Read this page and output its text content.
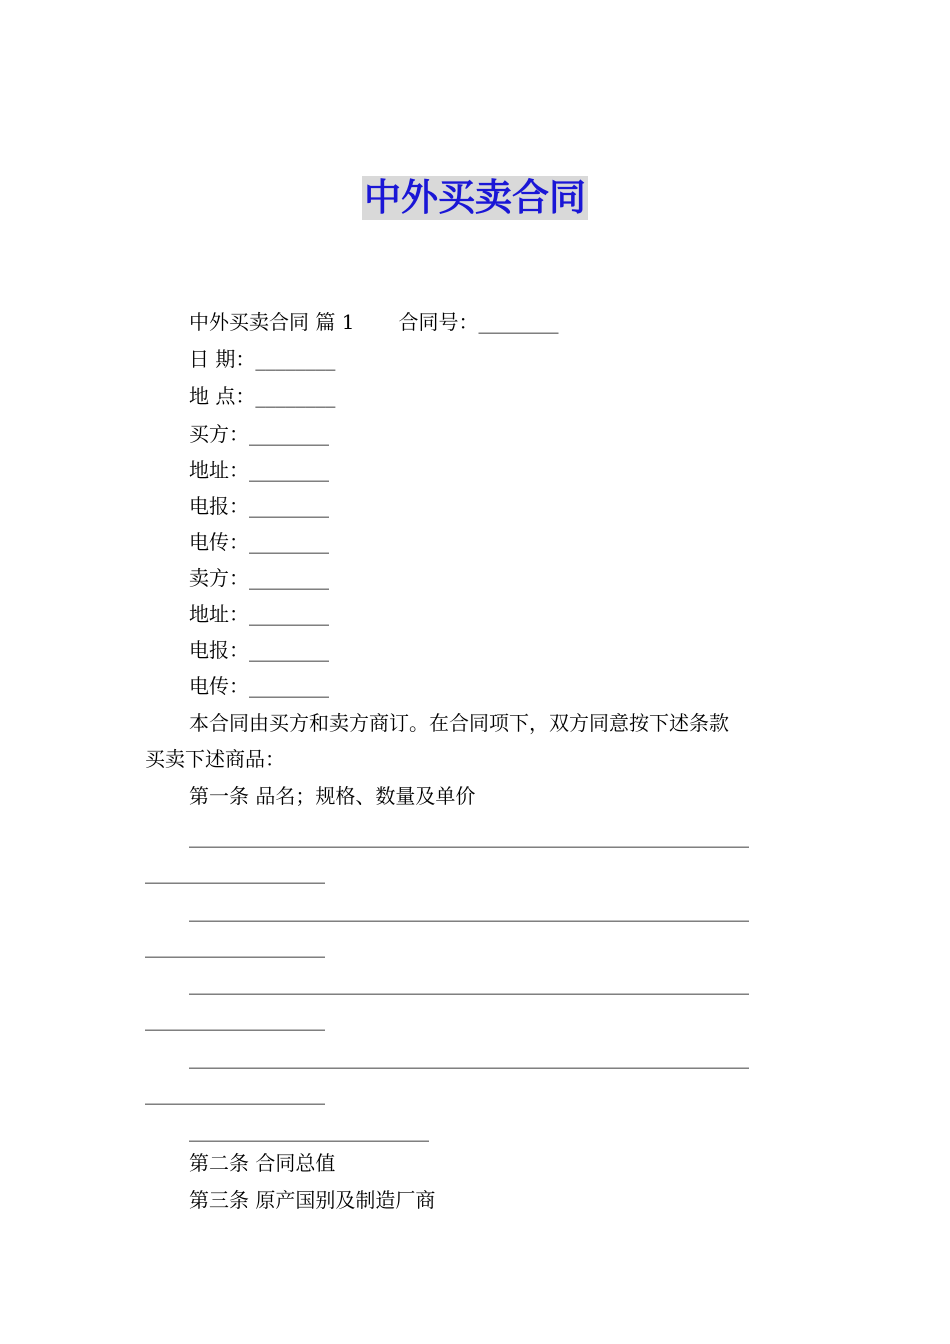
中外买卖合同
中外买卖合同 篇 1 合同号：________
日 期：________
地 点：________
买方：________
地址：________
电报：________
电传：________
卖方：________
地址：________
电报：________
电传：________
本合同由买方和卖方商订。在合同项下，双方同意按下述条款
买卖下述商品：
第一条 品名；规格、数量及单价
________________________________________________________
__________________
________________________________________________________
__________________
________________________________________________________
__________________
________________________________________________________
__________________
________________________
第二条 合同总值
第三条 原产国别及制造厂商
